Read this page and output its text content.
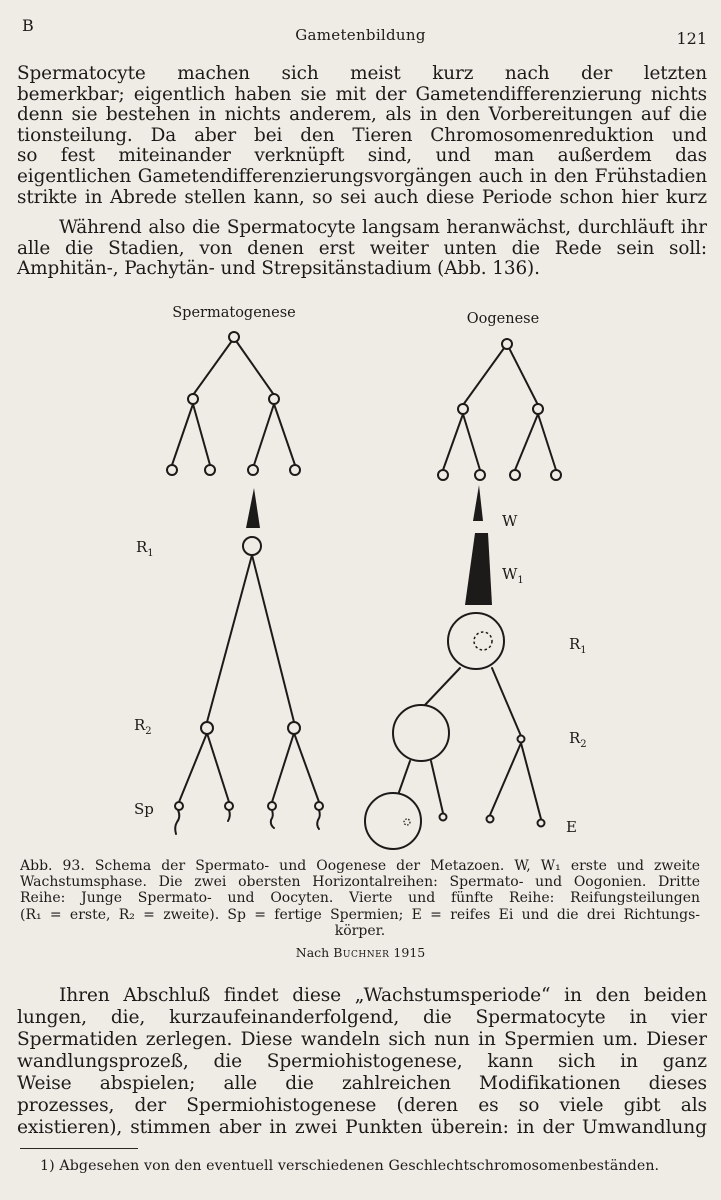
B	Gametenbildung	121
Spermatocyte machen sich meist kurz nach der letzten
bemerkbar; eigentlich haben sie mit der Gametendifferenzierung nichts
denn sie bestehen in nichts anderem, als in den Vorbereitungen auf die
tionsteilung. Da aber bei den Tieren Chromosomenreduktion und
so fest miteinander verknüpft sind, und man außerdem das
eigentlichen Gametendifferenzierungsvorgängen auch in den Frühstadien
strikte in Abrede stellen kann, so sei auch diese Periode schon hier kurz
Während also die Spermatocyte langsam heranwächst, durchläuft ihr
alle die Stadien, von denen erst weiter unten die Rede sein soll:
Amphitän-, Pachytän- und Strepsitänstadium (Abb. 136).
Spermatogenese	Oogenese
$R_1$
$R_2$
Sp
W
$W_1$
$R_1$
$R_2$
E
Abb. 93. Schema der Spermato- und Oogenese der Metazoen. W, W₁ erste und zweite
Wachstumsphase. Die zwei obersten Horizontalreihen: Spermato- und Oogonien. Dritte
Reihe: Junge Spermato- und Oocyten. Vierte und fünfte Reihe: Reifungsteilungen
(R₁ = erste, R₂ = zweite). Sp = fertige Spermien; E = reifes Ei und die drei Richtungs-
körper.
Nach Buchner 1915
Ihren Abschluß findet diese „Wachstumsperiode“ in den beiden
lungen, die, kurzaufeinanderfolgend, die Spermatocyte in vier
Spermatiden zerlegen. Diese wandeln sich nun in Spermien um. Dieser
wandlungsprozeß, die Spermiohistogenese, kann sich in ganz
Weise abspielen; alle die zahlreichen Modifikationen dieses
prozesses, der Spermiohistogenese (deren es so viele gibt als
existieren), stimmen aber in zwei Punkten überein: in der Umwandlung
1) Abgesehen von den eventuell verschiedenen Geschlechtschromosomenbeständen.
